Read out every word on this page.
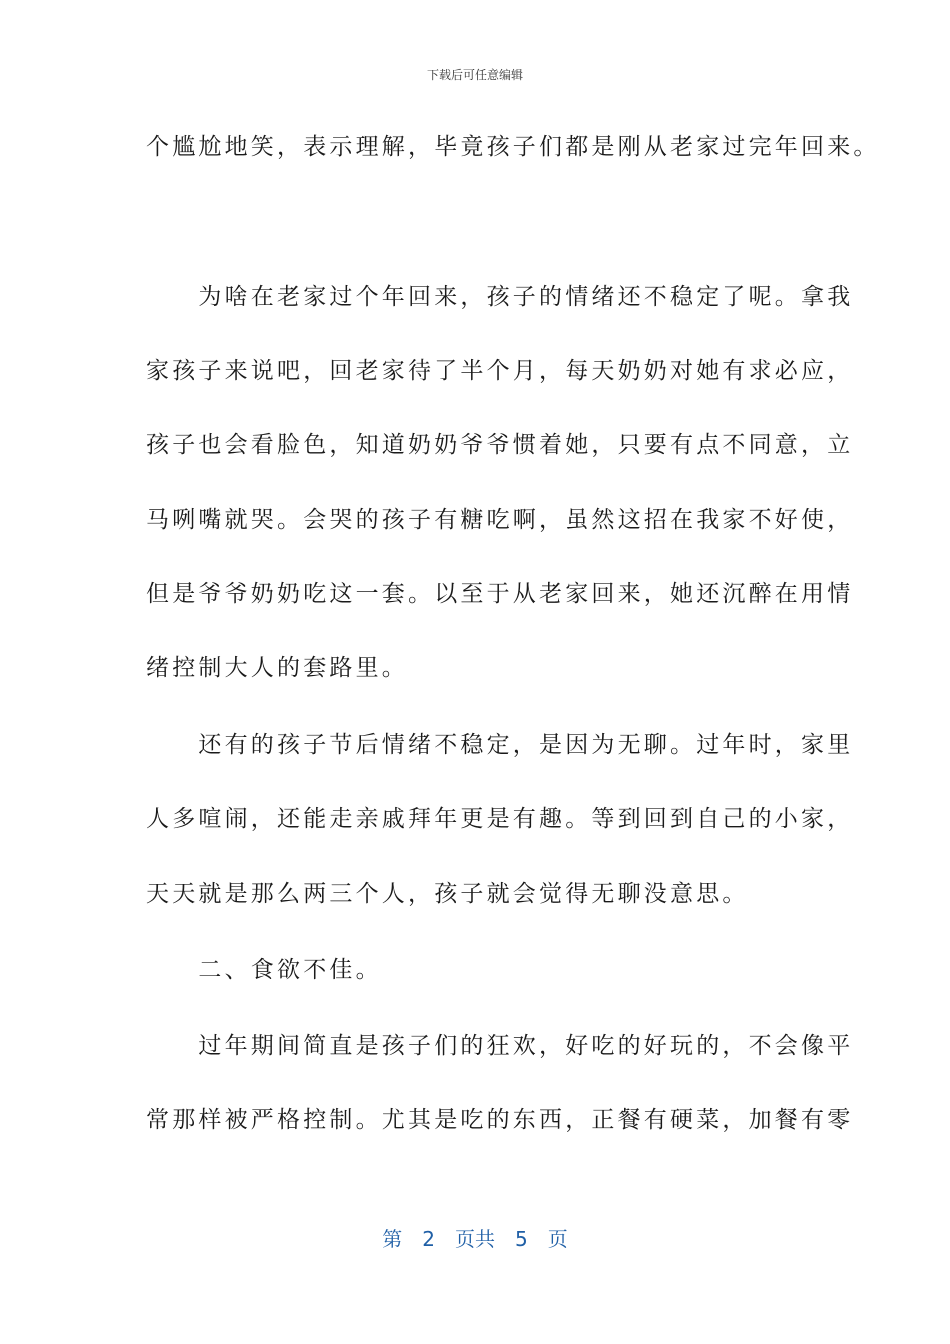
下载后可任意编辑
个尴尬地笑，表示理解，毕竟孩子们都是刚从老家过完年回来。
　　为啥在老家过个年回来，孩子的情绪还不稳定了呢。拿我
家孩子来说吧，回老家待了半个月，每天奶奶对她有求必应，
孩子也会看脸色，知道奶奶爷爷惯着她，只要有点不同意，立
马咧嘴就哭。会哭的孩子有糖吃啊，虽然这招在我家不好使，
但是爷爷奶奶吃这一套。以至于从老家回来，她还沉醉在用情
绪控制大人的套路里。
　　还有的孩子节后情绪不稳定，是因为无聊。过年时，家里
人多喧闹，还能走亲戚拜年更是有趣。等到回到自己的小家，
天天就是那么两三个人，孩子就会觉得无聊没意思。
　　二、食欲不佳。
　　过年期间简直是孩子们的狂欢，好吃的好玩的，不会像平
常那样被严格控制。尤其是吃的东西，正餐有硬菜，加餐有零
第　2　页共　5　页
